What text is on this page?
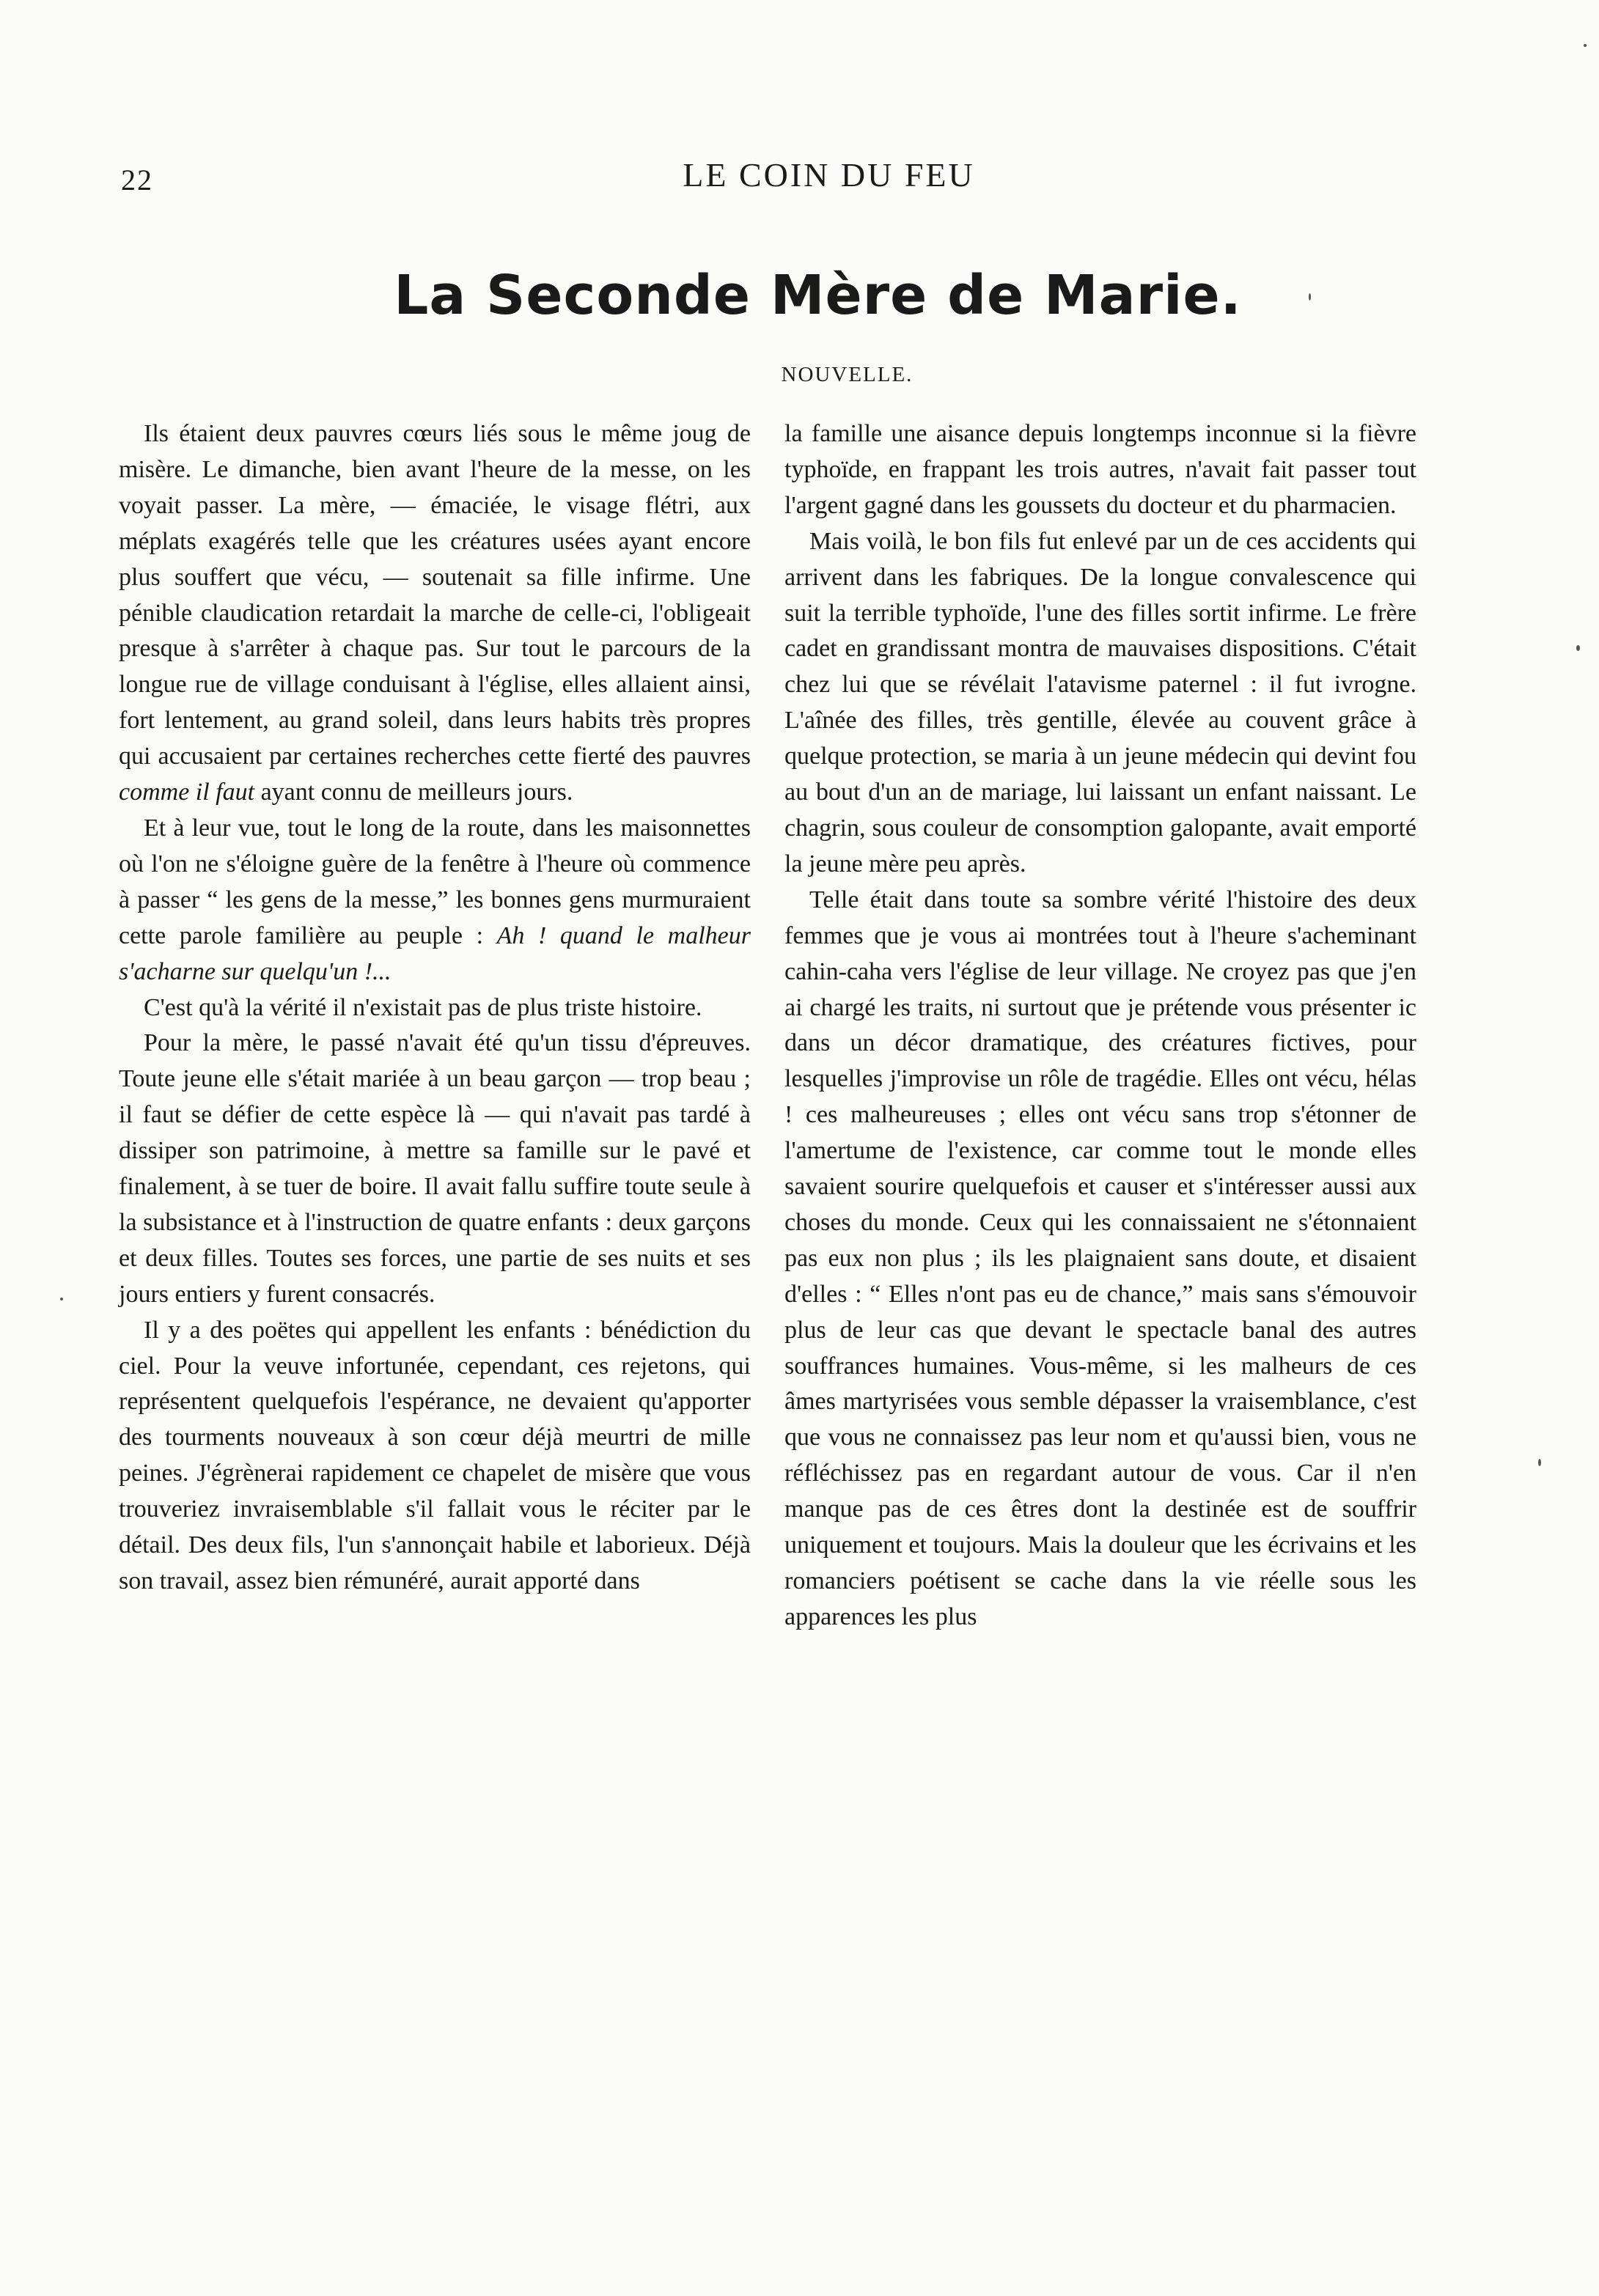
22	LE COIN DU FEU
La Seconde Mère de Marie.
NOUVELLE.

Ils étaient deux pauvres cœurs liés sous le même joug de misère. Le dimanche, bien avant l'heure de la messe, on les voyait passer. La mère, — émaciée, le visage flétri, aux méplats exagérés telle que les créatures usées ayant encore plus souffert que vécu, — soutenait sa fille infirme. Une pénible claudication retardait la marche de celle-ci, l'obligeait presque à s'arrêter à chaque pas. Sur tout le parcours de la longue rue de village conduisant à l'église, elles allaient ainsi, fort lentement, au grand soleil, dans leurs habits très propres qui accusaient par certaines recherches cette fierté des pauvres comme il faut ayant connu de meilleurs jours.

Et à leur vue, tout le long de la route, dans les maisonnettes où l'on ne s'éloigne guère de la fenêtre à l'heure où commence à passer “ les gens de la messe,” les bonnes gens murmuraient cette parole familière au peuple : Ah ! quand le malheur s'acharne sur quelqu'un !...

C'est qu'à la vérité il n'existait pas de plus triste histoire.

Pour la mère, le passé n'avait été qu'un tissu d'épreuves. Toute jeune elle s'était mariée à un beau garçon — trop beau ; il faut se défier de cette espèce là — qui n'avait pas tardé à dissiper son patrimoine, à mettre sa famille sur le pavé et finalement, à se tuer de boire. Il avait fallu suffire toute seule à la subsistance et à l'instruction de quatre enfants : deux garçons et deux filles. Toutes ses forces, une partie de ses nuits et ses jours entiers y furent consacrés.

Il y a des poëtes qui appellent les enfants : bénédiction du ciel. Pour la veuve infortunée, cependant, ces rejetons, qui représentent quelquefois l'espérance, ne devaient qu'apporter des tourments nouveaux à son cœur déjà meurtri de mille peines. J'égrènerai rapidement ce chapelet de misère que vous trouveriez invraisemblable s'il fallait vous le réciter par le détail. Des deux fils, l'un s'annonçait habile et laborieux. Déjà son travail, assez bien rémunéré, aurait apporté dans

la famille une aisance depuis longtemps inconnue si la fièvre typhoïde, en frappant les trois autres, n'avait fait passer tout l'argent gagné dans les goussets du docteur et du pharmacien.

Mais voilà, le bon fils fut enlevé par un de ces accidents qui arrivent dans les fabriques. De la longue convalescence qui suit la terrible typhoïde, l'une des filles sortit infirme. Le frère cadet en grandissant montra de mauvaises dispositions. C'était chez lui que se révélait l'atavisme paternel : il fut ivrogne. L'aînée des filles, très gentille, élevée au couvent grâce à quelque protection, se maria à un jeune médecin qui devint fou au bout d'un an de mariage, lui laissant un enfant naissant. Le chagrin, sous couleur de consomption galopante, avait emporté la jeune mère peu après.

Telle était dans toute sa sombre vérité l'histoire des deux femmes que je vous ai montrées tout à l'heure s'acheminant cahin-caha vers l'église de leur village. Ne croyez pas que j'en ai chargé les traits, ni surtout que je prétende vous présenter ic dans un décor dramatique, des créatures fictives, pour lesquelles j'improvise un rôle de tragédie. Elles ont vécu, hélas ! ces malheureuses ; elles ont vécu sans trop s'étonner de l'amertume de l'existence, car comme tout le monde elles savaient sourire quelquefois et causer et s'intéresser aussi aux choses du monde. Ceux qui les connaissaient ne s'étonnaient pas eux non plus ; ils les plaignaient sans doute, et disaient d'elles : “ Elles n'ont pas eu de chance,” mais sans s'émouvoir plus de leur cas que devant le spectacle banal des autres souffrances humaines. Vous-même, si les malheurs de ces âmes martyrisées vous semble dépasser la vraisemblance, c'est que vous ne connaissez pas leur nom et qu'aussi bien, vous ne réfléchissez pas en regardant autour de vous. Car il n'en manque pas de ces êtres dont la destinée est de souffrir uniquement et toujours. Mais la douleur que les écrivains et les romanciers poétisent se cache dans la vie réelle sous les apparences les plus
